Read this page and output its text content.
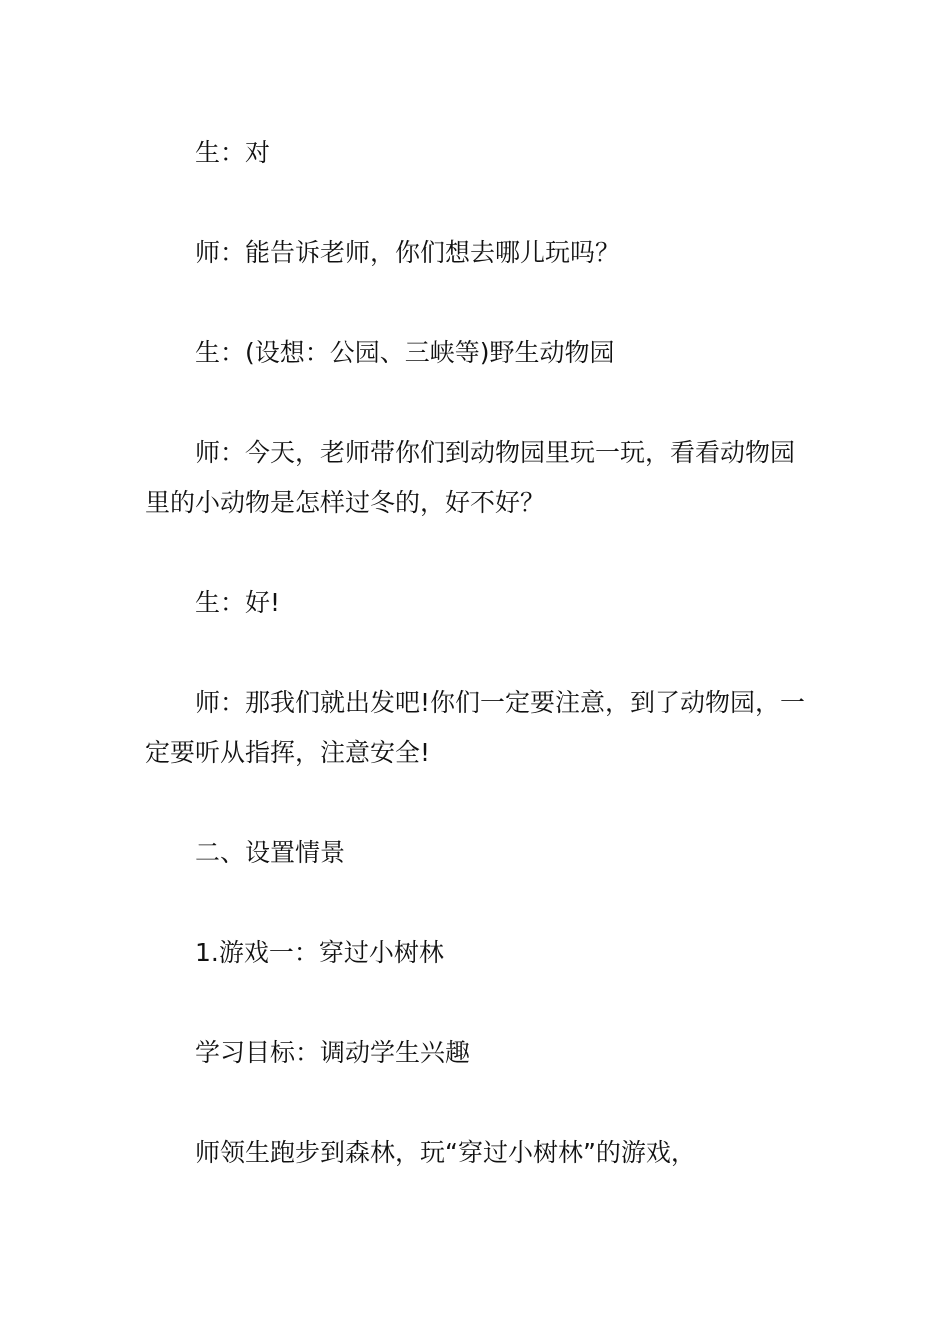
生：对

师：能告诉老师，你们想去哪儿玩吗？

生：(设想：公园、三峡等)野生动物园

师：今天，老师带你们到动物园里玩一玩，看看动物园里的小动物是怎样过冬的，好不好？

生：好!

师：那我们就出发吧!你们一定要注意，到了动物园，一定要听从指挥，注意安全!

二、设置情景

1.游戏一：穿过小树林

学习目标：调动学生兴趣

师领生跑步到森林，玩“穿过小树林”的游戏，
